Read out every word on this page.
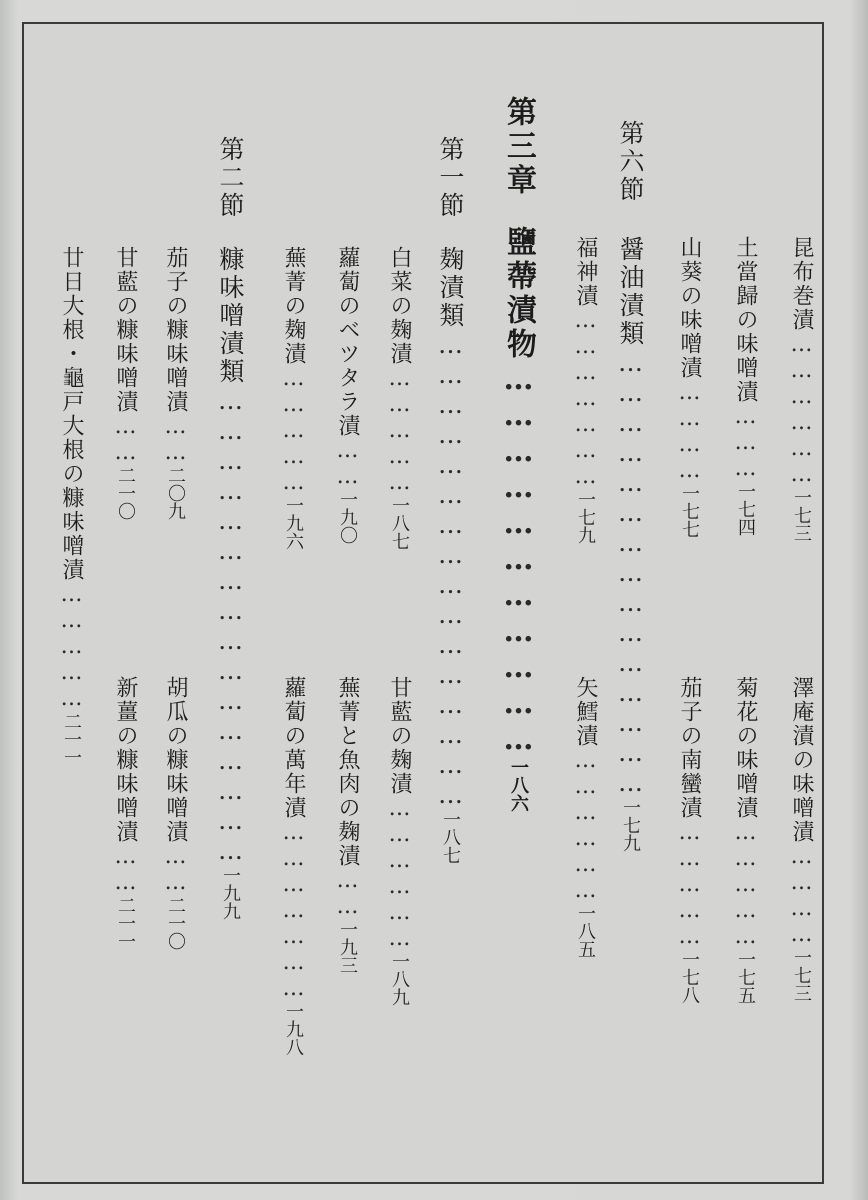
昆布巻漬………………一七三
澤庵漬の味噌漬…………一七三
土當歸の味噌漬………一七四
菊花の味噌漬……………一七五
山葵の味噌漬…………一七七
茄子の南蠻漬……………一七八
第六節
醤油漬類………………………………………一七九
福神漬…………………一七九
矢鱈漬………………一八五
第三章
鹽蔕漬物……………………………一八六
第一節
麹漬類…………………………………………一八七
白菜の麹漬……………一八七
甘藍の麹漬………………一八九
蘿蔔のベツタラ漬……一九〇
蕪菁と魚肉の麹漬……一九三
蕪菁の麹漬……………一九六
蘿蔔の萬年漬…………………一九八
第二節
糠味噌漬類…………………………………………一九九
茄子の糠味噌漬……二〇九
胡瓜の糠味噌漬……二一〇
甘藍の糠味噌漬……二一〇
新薑の糠味噌漬……二一一
廿日大根・龜戸大根の糠味噌漬……………二一一
